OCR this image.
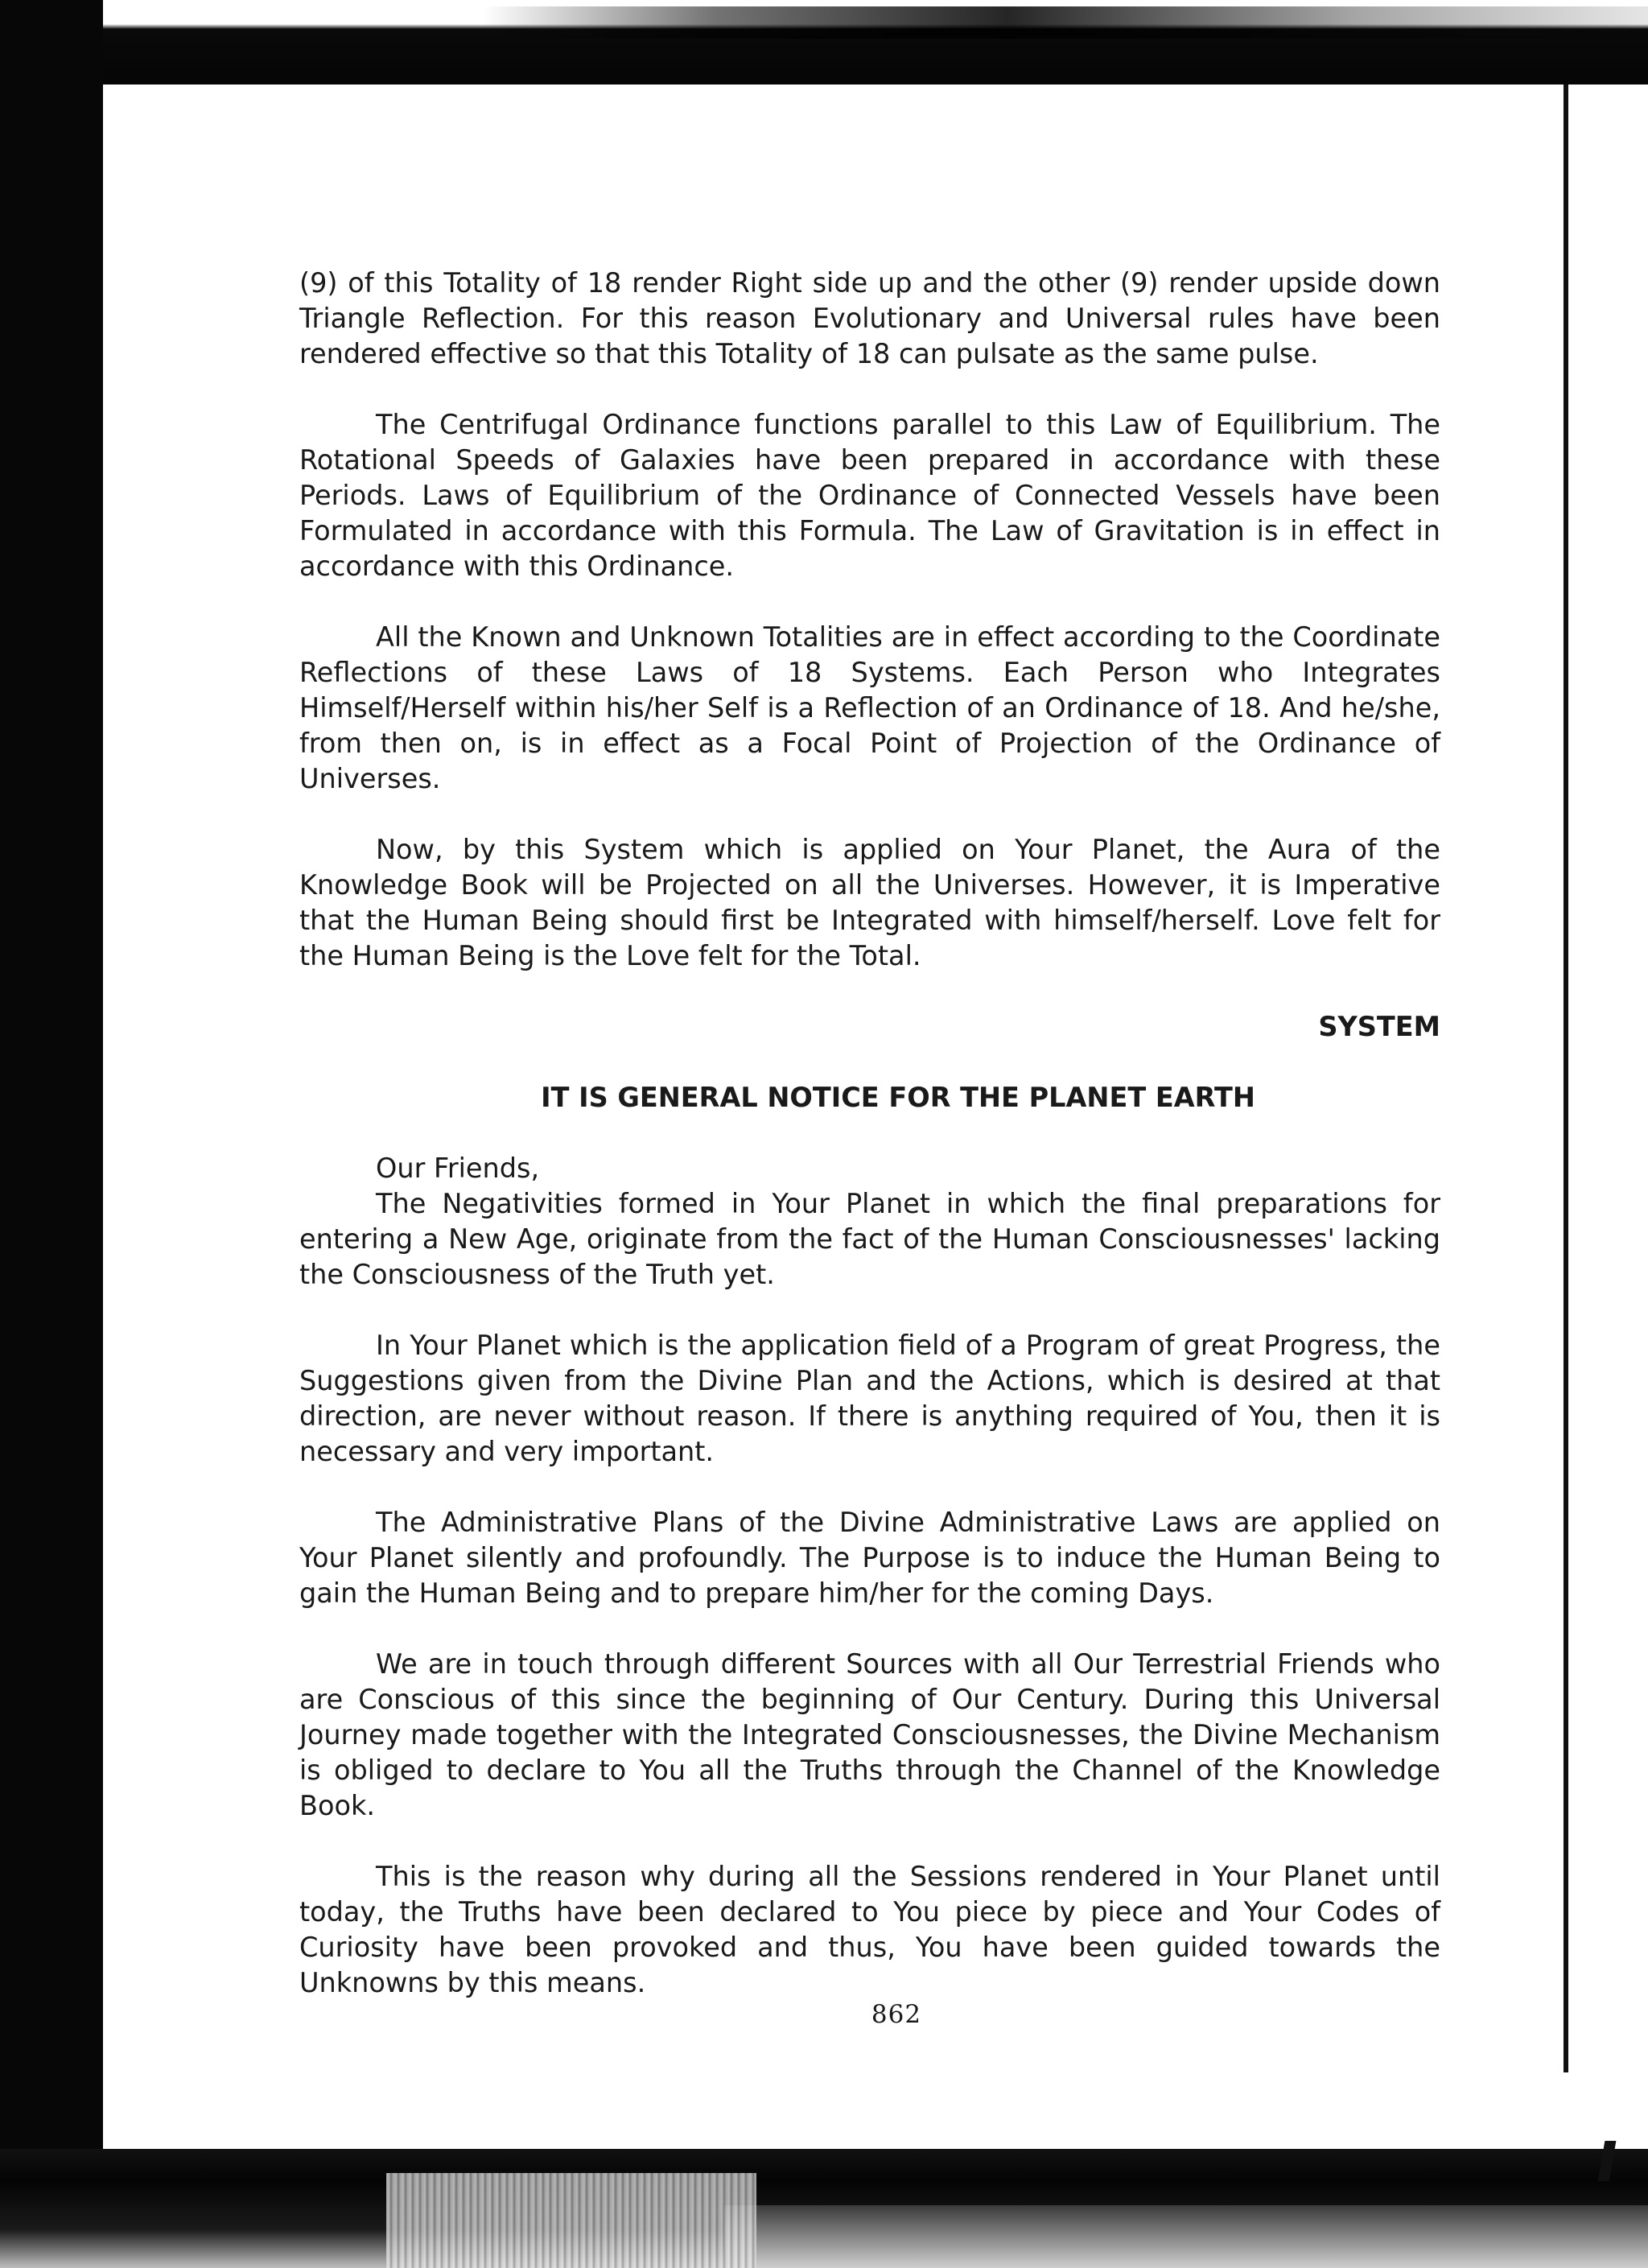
(9) of this Totality of 18 render Right side up and the other (9) render upside down Triangle Reflection. For this reason Evolutionary and Universal rules have been rendered effective so that this Totality of 18 can pulsate as the same pulse.

The Centrifugal Ordinance functions parallel to this Law of Equilibrium. The Rotational Speeds of Galaxies have been prepared in accordance with these Periods. Laws of Equilibrium of the Ordinance of Connected Vessels have been Formulated in accordance with this Formula. The Law of Gravitation is in effect in accordance with this Ordinance.

All the Known and Unknown Totalities are in effect according to the Coordinate Reflections of these Laws of 18 Systems. Each Person who Integrates Himself/Herself within his/her Self is a Reflection of an Ordinance of 18. And he/she, from then on, is in effect as a Focal Point of Projection of the Ordinance of Universes.

Now, by this System which is applied on Your Planet, the Aura of the Knowledge Book will be Projected on all the Universes. However, it is Imperative that the Human Being should first be Integrated with himself/herself. Love felt for the Human Being is the Love felt for the Total.

SYSTEM
IT IS GENERAL NOTICE FOR THE PLANET EARTH

Our Friends,

The Negativities formed in Your Planet in which the final preparations for entering a New Age, originate from the fact of the Human Consciousnesses' lacking the Consciousness of the Truth yet.

In Your Planet which is the application field of a Program of great Progress, the Suggestions given from the Divine Plan and the Actions, which is desired at that direction, are never without reason. If there is anything required of You, then it is necessary and very important.

The Administrative Plans of the Divine Administrative Laws are applied on Your Planet silently and profoundly. The Purpose is to induce the Human Being to gain the Human Being and to prepare him/her for the coming Days.

We are in touch through different Sources with all Our Terrestrial Friends who are Conscious of this since the beginning of Our Century. During this Universal Journey made together with the Integrated Consciousnesses, the Divine Mechanism is obliged to declare to You all the Truths through the Channel of the Knowledge Book.

This is the reason why during all the Sessions rendered in Your Planet until today, the Truths have been declared to You piece by piece and Your Codes of Curiosity have been provoked and thus, You have been guided towards the Unknowns by this means.

862
